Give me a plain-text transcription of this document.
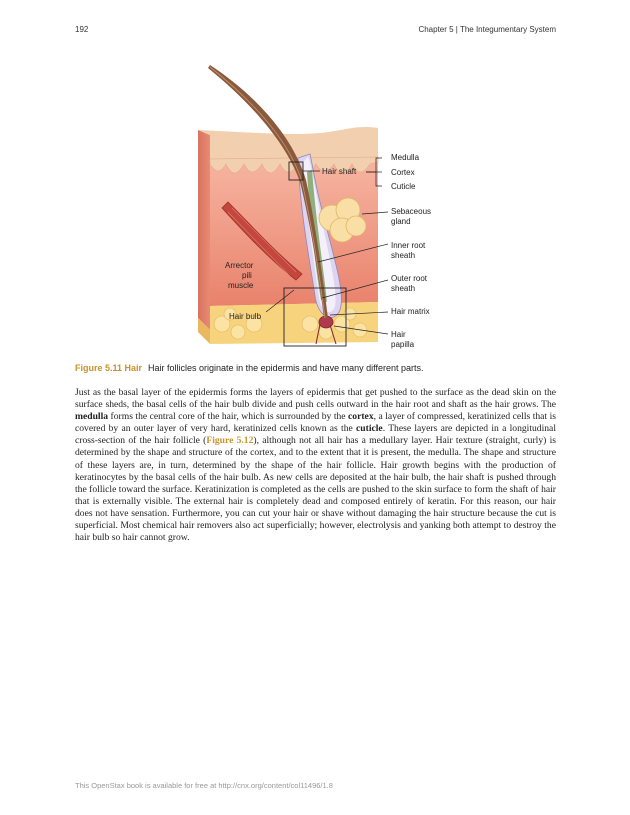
192	Chapter 5 | The Integumentary System
Medulla
Cortex
Cuticle
Hair shaft
Sebaceous
gland
Inner root
sheath
Arrector
pili
muscle
Outer root
sheath
Hair matrix
Hair bulb
Hair
papilla
Figure 5.11 Hair Hair follicles originate in the epidermis and have many different parts.
Just as the basal layer of the epidermis forms the layers of epidermis that get pushed to the surface as the dead skin on the surface sheds, the basal cells of the hair bulb divide and push cells outward in the hair root and shaft as the hair grows. The medulla forms the central core of the hair, which is surrounded by the cortex, a layer of compressed, keratinized cells that is covered by an outer layer of very hard, keratinized cells known as the cuticle. These layers are depicted in a longitudinal cross-section of the hair follicle (Figure 5.12), although not all hair has a medullary layer. Hair texture (straight, curly) is determined by the shape and structure of the cortex, and to the extent that it is present, the medulla. The shape and structure of these layers are, in turn, determined by the shape of the hair follicle. Hair growth begins with the production of keratinocytes by the basal cells of the hair bulb. As new cells are deposited at the hair bulb, the hair shaft is pushed through the follicle toward the surface. Keratinization is completed as the cells are pushed to the skin surface to form the shaft of hair that is externally visible. The external hair is completely dead and composed entirely of keratin. For this reason, our hair does not have sensation. Furthermore, you can cut your hair or shave without damaging the hair structure because the cut is superficial. Most chemical hair removers also act superficially; however, electrolysis and yanking both attempt to destroy the hair bulb so hair cannot grow.
This OpenStax book is available for free at http://cnx.org/content/col11496/1.8
